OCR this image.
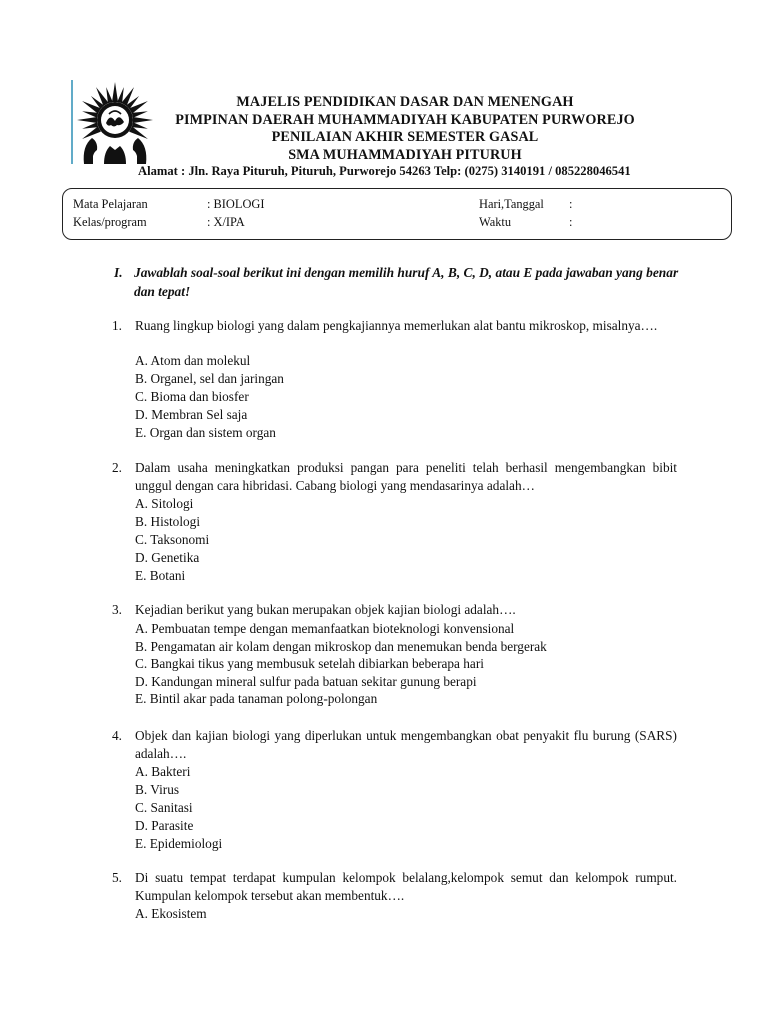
MAJELIS PENDIDIKAN DASAR DAN MENENGAH
PIMPINAN DAERAH MUHAMMADIYAH KABUPATEN PURWOREJO
PENILAIAN AKHIR SEMESTER GASAL
SMA MUHAMMADIYAH PITURUH
Alamat : Jln. Raya Pituruh, Pituruh, Purworejo 54263 Telp: (0275) 3140191 / 085228046541
Mata Pelajaran	: BIOLOGI	Hari,Tanggal :
Kelas/program	: X/IPA	Waktu	:
I. Jawablah soal-soal berikut ini dengan memilih huruf A, B, C, D, atau E pada jawaban yang benar dan tepat!
1. Ruang lingkup biologi yang dalam pengkajiannya memerlukan alat bantu mikroskop, misalnya….
A. Atom dan molekul
B. Organel, sel dan jaringan
C. Bioma dan biosfer
D. Membran Sel saja
E. Organ dan sistem organ
2. Dalam usaha meningkatkan produksi pangan para peneliti telah berhasil mengembangkan bibit unggul dengan cara hibridasi. Cabang biologi yang mendasarinya adalah…
A. Sitologi
B. Histologi
C. Taksonomi
D. Genetika
E. Botani
3. Kejadian berikut yang bukan merupakan objek kajian biologi adalah….
A. Pembuatan tempe dengan memanfaatkan bioteknologi konvensional
B. Pengamatan air kolam dengan mikroskop dan menemukan benda bergerak
C. Bangkai tikus yang membusuk setelah dibiarkan beberapa hari
D. Kandungan mineral sulfur pada batuan sekitar gunung berapi
E. Bintil akar pada tanaman polong-polongan
4. Objek dan kajian biologi yang diperlukan untuk mengembangkan obat penyakit flu burung (SARS) adalah….
A. Bakteri
B. Virus
C. Sanitasi
D. Parasite
E. Epidemiologi
5. Di suatu tempat terdapat kumpulan kelompok belalang,kelompok semut dan kelompok rumput. Kumpulan kelompok tersebut akan membentuk….
A. Ekosistem
